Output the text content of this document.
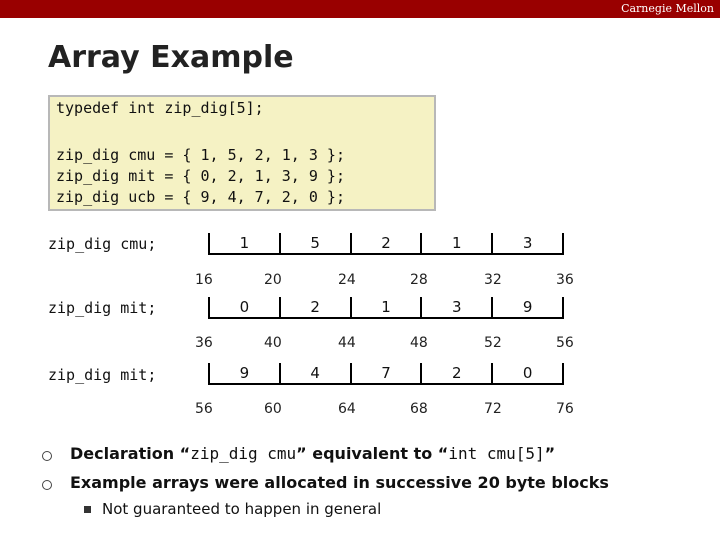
Carnegie Mellon
Array Example
typedef int zip_dig[5];
zip_dig cmu = { 1, 5, 2, 1, 3 };
zip_dig mit = { 0, 2, 1, 3, 9 };
zip_dig ucb = { 9, 4, 7, 2, 0 };
zip_dig cmu;	1	5	2	1	3
16	20	24	28	32	36
zip_dig mit;	0	2	1	3	9
36	40	44	48	52	56
zip_dig mit;	9	4	7	2	0
56	60	64	68	72	76
Declaration “zip_dig cmu” equivalent to “int cmu[5]”
Example arrays were allocated in successive 20 byte blocks
Not guaranteed to happen in general
